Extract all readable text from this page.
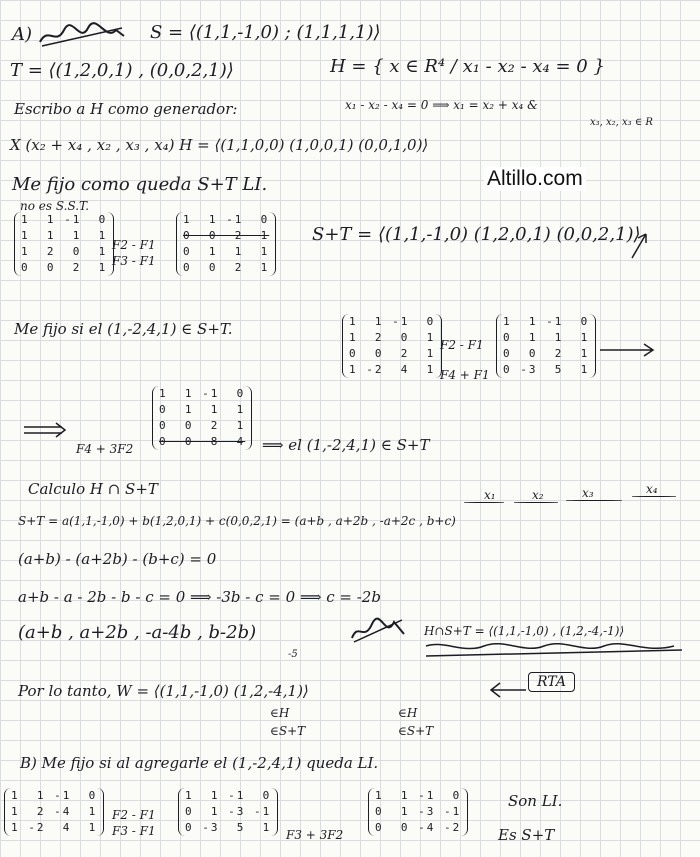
Altillo.com
A)	S = ⟨(1,1,-1,0) ; (1,1,1,1)⟩
T = ⟨(1,2,0,1) , (0,0,2,1)⟩	H = { x ∈ R⁴ / x₁ - x₂ - x₄ = 0 }
Escribo a H como generador:	x₁ - x₂ - x₄ = 0 ⟹ x₁ = x₂ + x₄ &
x₃, x₂, x₃ ∈ R
X (x₂ + x₄ , x₂ , x₃ , x₄) H = ⟨(1,1,0,0) (1,0,0,1) (0,0,1,0)⟩
Me fijo como queda S+T LI.
no es S.S.T.
1  1 -1  0
1  1  1  1
1  2  0  1
0  0  2  1
F2 - F1
F3 - F1
1  1 -1  0
0  0  2  1
0  1  1  1
0  0  2  1
S+T = ⟨(1,1,-1,0) (1,2,0,1) (0,0,2,1)⟩
Me fijo si el (1,-2,4,1) ∈ S+T.	1  1 -1  0
1  2  0  1
0  0  2  1
1 -2  4  1
F2 - F1
F4 + F1
1  1 -1  0
0  1  1  1
0  0  2  1
0 -3  5  1
F4 + 3F2
1  1 -1  0
0  1  1  1
0  0  2  1
0  0  8  4 ⟹ el (1,-2,4,1) ∈ S+T
Calculo H ∩ S+T	x₁	x₂	x₃	x₄
S+T = a(1,1,-1,0) + b(1,2,0,1) + c(0,0,2,1) = (a+b , a+2b , -a+2c , b+c)
(a+b) - (a+2b) - (b+c) = 0
a+b - a - 2b - b - c = 0 ⟹ -3b - c = 0 ⟹ c = -2b
(a+b , a+2b , -a-4b , b-2b)
-5
H∩S+T = ⟨(1,1,-1,0) , (1,2,-4,-1)⟩
Por lo tanto, W = ⟨(1,1,-1,0) (1,2,-4,1)⟩	RTA
∈H
∈S+T
∈H
∈S+T
B) Me fijo si al agregarle el (1,-2,4,1) queda LI.
1  1 -1  0
1  2 -4  1
1 -2  4  1
F2 - F1
F3 - F1
1  1 -1  0
0  1 -3 -1
0 -3  5  1
F3 + 3F2
1  1 -1  0
0  1 -3 -1
0  0 -4 -2
Son LI.
Es S+T
